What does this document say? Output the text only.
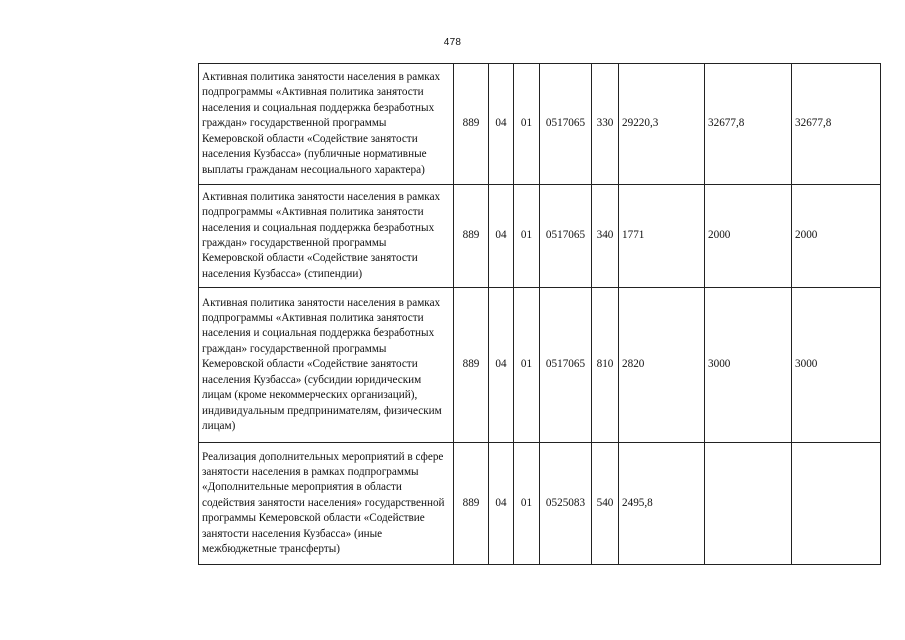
478
Активная политика занятости населения в рамках подпрограммы «Активная политика занятости населения и социальная поддержка безработных граждан» государственной программы Кемеровской области «Содействие занятости населения Кузбасса» (публичные нормативные выплаты гражданам несоциального характера)	889	04	01	0517065	330	29220,3	32677,8	32677,8
Активная политика занятости населения в рамках подпрограммы «Активная политика занятости населения и социальная поддержка безработных граждан» государственной программы Кемеровской области «Содействие занятости населения Кузбасса» (стипендии)	889	04	01	0517065	340	1771	2000	2000
Активная политика занятости населения в рамках подпрограммы «Активная политика занятости населения и социальная поддержка безработных граждан» государственной программы Кемеровской области «Содействие занятости населения Кузбасса» (субсидии юридическим лицам (кроме некоммерческих организаций), индивидуальным предпринимателям, физическим лицам)	889	04	01	0517065	810	2820	3000	3000
Реализация дополнительных мероприятий в сфере занятости населения в рамках подпрограммы «Дополнительные мероприятия в области содействия занятости населения» государственной программы Кемеровской области «Содействие занятости населения Кузбасса» (иные межбюджетные трансферты)	889	04	01	0525083	540	2495,8		
